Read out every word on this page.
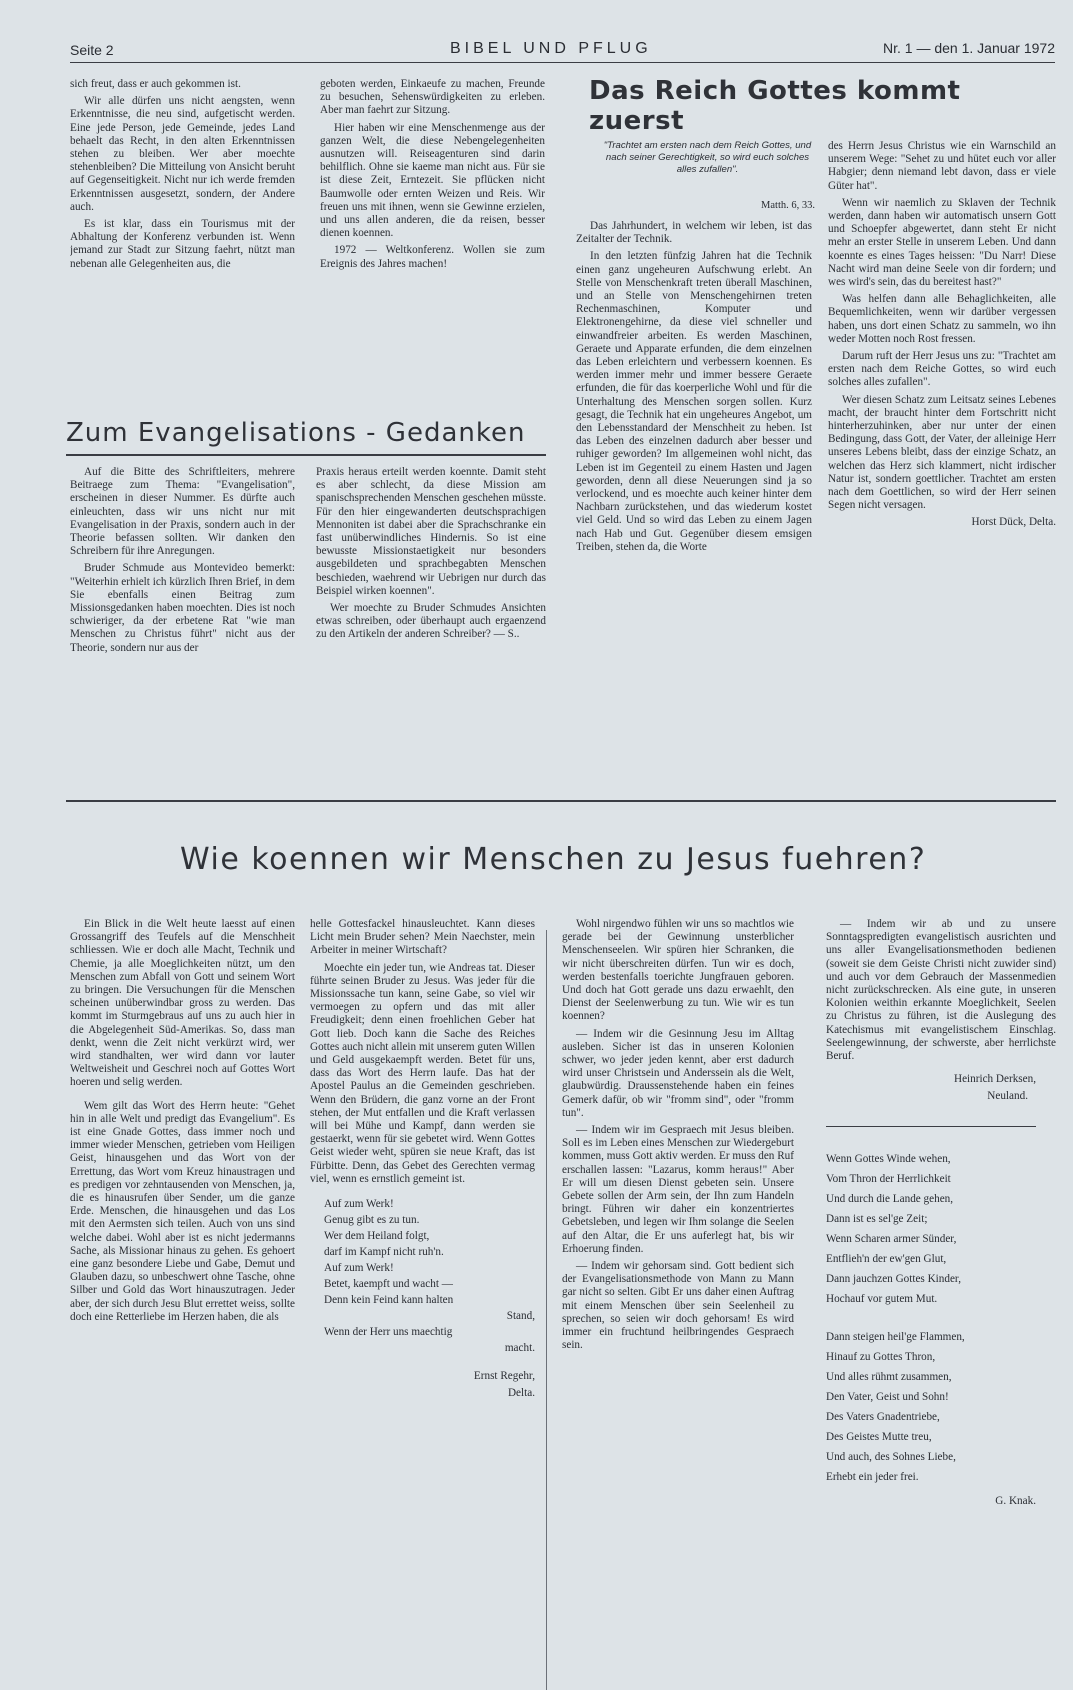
Seite 2	BIBEL UND PFLUG	Nr. 1 — den 1. Januar 1972

sich freut, dass er auch gekommen ist.

Wir alle dürfen uns nicht aengsten, wenn Erkenntnisse, die neu sind, aufgetischt werden. Eine jede Person, jede Gemeinde, jedes Land behaelt das Recht, in den alten Erkenntnissen stehen zu bleiben. Wer aber moechte stehenbleiben? Die Mitteilung von Ansicht beruht auf Gegenseitigkeit. Nicht nur ich werde fremden Erkenntnissen ausgesetzt, sondern, der Andere auch.

Es ist klar, dass ein Tourismus mit der Abhaltung der Konferenz verbunden ist. Wenn jemand zur Stadt zur Sitzung faehrt, nützt man nebenan alle Gelegenheiten aus, die

geboten werden, Einkaeufe zu machen, Freunde zu besuchen, Sehenswürdigkeiten zu erleben. Aber man faehrt zur Sitzung.

Hier haben wir eine Menschenmenge aus der ganzen Welt, die diese Nebengelegenheiten ausnutzen will. Reiseagenturen sind darin behilflich. Ohne sie kaeme man nicht aus. Für sie ist diese Zeit, Erntezeit. Sie pflücken nicht Baumwolle oder ernten Weizen und Reis. Wir freuen uns mit ihnen, wenn sie Gewinne erzielen, und uns allen anderen, die da reisen, besser dienen koennen.

1972 — Weltkonferenz. Wollen sie zum Ereignis des Jahres machen!

Das Reich Gottes kommt zuerst
"Trachtet am ersten nach dem Reich Gottes, und nach seiner Gerechtigkeit, so wird euch solches alles zufallen".
Matth. 6, 33.

Das Jahrhundert, in welchem wir leben, ist das Zeitalter der Technik.

In den letzten fünfzig Jahren hat die Technik einen ganz ungeheuren Aufschwung erlebt. An Stelle von Menschenkraft treten überall Maschinen, und an Stelle von Menschengehirnen treten Rechenmaschinen, Komputer und Elektronengehirne, da diese viel schneller und einwandfreier arbeiten. Es werden Maschinen, Geraete und Apparate erfunden, die dem einzelnen das Leben erleichtern und verbessern koennen. Es werden immer mehr und immer bessere Geraete erfunden, die für das koerperliche Wohl und für die Unterhaltung des Menschen sorgen sollen. Kurz gesagt, die Technik hat ein ungeheures Angebot, um den Lebensstandard der Menschheit zu heben. Ist das Leben des einzelnen dadurch aber besser und ruhiger geworden? Im allgemeinen wohl nicht, das Leben ist im Gegenteil zu einem Hasten und Jagen geworden, denn all diese Neuerungen sind ja so verlockend, und es moechte auch keiner hinter dem Nachbarn zurückstehen, und das wiederum kostet viel Geld. Und so wird das Leben zu einem Jagen nach Hab und Gut. Gegenüber diesem emsigen Treiben, stehen da, die Worte

des Herrn Jesus Christus wie ein Warnschild an unserem Wege: "Sehet zu und hütet euch vor aller Habgier; denn niemand lebt davon, dass er viele Güter hat".

Wenn wir naemlich zu Sklaven der Technik werden, dann haben wir automatisch unsern Gott und Schoepfer abgewertet, dann steht Er nicht mehr an erster Stelle in unserem Leben. Und dann koennte es eines Tages heissen: "Du Narr! Diese Nacht wird man deine Seele von dir fordern; und wes wird's sein, das du bereitest hast?"

Was helfen dann alle Behaglichkeiten, alle Bequemlichkeiten, wenn wir darüber vergessen haben, uns dort einen Schatz zu sammeln, wo ihn weder Motten noch Rost fressen.

Darum ruft der Herr Jesus uns zu: "Trachtet am ersten nach dem Reiche Gottes, so wird euch solches alles zufallen".

Wer diesen Schatz zum Leitsatz seines Lebenes macht, der braucht hinter dem Fortschritt nicht hinterherzuhinken, aber nur unter der einen Bedingung, dass Gott, der Vater, der alleinige Herr unseres Lebens bleibt, dass der einzige Schatz, an welchen das Herz sich klammert, nicht irdischer Natur ist, sondern goettlicher. Trachtet am ersten nach dem Goettlichen, so wird der Herr seinen Segen nicht versagen.

Horst Dück, Delta.

Zum Evangelisations - Gedanken

Auf die Bitte des Schriftleiters, mehrere Beitraege zum Thema: "Evangelisation", erscheinen in dieser Nummer. Es dürfte auch einleuchten, dass wir uns nicht nur mit Evangelisation in der Praxis, sondern auch in der Theorie befassen sollten. Wir danken den Schreibern für ihre Anregungen.

Bruder Schmude aus Montevideo bemerkt: "Weiterhin erhielt ich kürzlich Ihren Brief, in dem Sie ebenfalls einen Beitrag zum Missionsgedanken haben moechten. Dies ist noch schwieriger, da der erbetene Rat "wie man Menschen zu Christus führt" nicht aus der Theorie, sondern nur aus der

Praxis heraus erteilt werden koennte. Damit steht es aber schlecht, da diese Mission am spanischsprechenden Menschen geschehen müsste. Für den hier eingewanderten deutschsprachigen Mennoniten ist dabei aber die Sprachschranke ein fast unüberwindliches Hindernis. So ist eine bewusste Missionstaetigkeit nur besonders ausgebildeten und sprachbegabten Menschen beschieden, waehrend wir Uebrigen nur durch das Beispiel wirken koennen".

Wer moechte zu Bruder Schmudes Ansichten etwas schreiben, oder überhaupt auch ergaenzend zu den Artikeln der anderen Schreiber? — S..

Wie koennen wir Menschen zu Jesus fuehren?

Ein Blick in die Welt heute laesst auf einen Grossangriff des Teufels auf die Menschheit schliessen. Wie er doch alle Macht, Technik und Chemie, ja alle Moeglichkeiten nützt, um den Menschen zum Abfall von Gott und seinem Wort zu bringen. Die Versuchungen für die Menschen scheinen unüberwindbar gross zu werden. Das kommt im Sturmgebraus auf uns zu auch hier in die Abgelegenheit Süd-Amerikas. So, dass man denkt, wenn die Zeit nicht verkürzt wird, wer wird standhalten, wer wird dann vor lauter Weltweisheit und Geschrei noch auf Gottes Wort hoeren und selig werden.

Wem gilt das Wort des Herrn heute: "Gehet hin in alle Welt und predigt das Evangelium". Es ist eine Gnade Gottes, dass immer noch und immer wieder Menschen, getrieben vom Heiligen Geist, hinausgehen und das Wort von der Errettung, das Wort vom Kreuz hinaustragen und es predigen vor zehntausenden von Menschen, ja, die es hinausrufen über Sender, um die ganze Erde. Menschen, die hinausgehen und das Los mit den Aermsten sich teilen. Auch von uns sind welche dabei. Wohl aber ist es nicht jedermanns Sache, als Missionar hinaus zu gehen. Es gehoert eine ganz besondere Liebe und Gabe, Demut und Glauben dazu, so unbeschwert ohne Tasche, ohne Silber und Gold das Wort hinauszutragen. Jeder aber, der sich durch Jesu Blut errettet weiss, sollte doch eine Retterliebe im Herzen haben, die als

helle Gottesfackel hinausleuchtet. Kann dieses Licht mein Bruder sehen? Mein Naechster, mein Arbeiter in meiner Wirtschaft?

Moechte ein jeder tun, wie Andreas tat. Dieser führte seinen Bruder zu Jesus. Was jeder für die Missionssache tun kann, seine Gabe, so viel wir vermoegen zu opfern und das mit aller Freudigkeit; denn einen froehlichen Geber hat Gott lieb. Doch kann die Sache des Reiches Gottes auch nicht allein mit unserem guten Willen und Geld ausgekaempft werden. Betet für uns, dass das Wort des Herrn laufe. Das hat der Apostel Paulus an die Gemeinden geschrieben. Wenn den Brüdern, die ganz vorne an der Front stehen, der Mut entfallen und die Kraft verlassen will bei Mühe und Kampf, dann werden sie gestaerkt, wenn für sie gebetet wird. Wenn Gottes Geist wieder weht, spüren sie neue Kraft, das ist Fürbitte. Denn, das Gebet des Gerechten vermag viel, wenn es ernstlich gemeint ist.

Auf zum Werk!

Genug gibt es zu tun.

Wer dem Heiland folgt,

darf im Kampf nicht ruh'n.

Auf zum Werk!

Betet, kaempft und wacht —

Denn kein Feind kann halten

Stand,

Wenn der Herr uns maechtig

macht.

Ernst Regehr,

Delta.

Wohl nirgendwo fühlen wir uns so machtlos wie gerade bei der Gewinnung unsterblicher Menschenseelen. Wir spüren hier Schranken, die wir nicht überschreiten dürfen. Tun wir es doch, werden bestenfalls toerichte Jungfrauen geboren. Und doch hat Gott gerade uns dazu erwaehlt, den Dienst der Seelenwerbung zu tun. Wie wir es tun koennen?

— Indem wir die Gesinnung Jesu im Alltag ausleben. Sicher ist das in unseren Kolonien schwer, wo jeder jeden kennt, aber erst dadurch wird unser Christsein und Anderssein als die Welt, glaubwürdig. Draussenstehende haben ein feines Gemerk dafür, ob wir "fromm sind", oder "fromm tun".

— Indem wir im Gespraech mit Jesus bleiben. Soll es im Leben eines Menschen zur Wiedergeburt kommen, muss Gott aktiv werden. Er muss den Ruf erschallen lassen: "Lazarus, komm heraus!" Aber Er will um diesen Dienst gebeten sein. Unsere Gebete sollen der Arm sein, der Ihn zum Handeln bringt. Führen wir daher ein konzentriertes Gebetsleben, und legen wir Ihm solange die Seelen auf den Altar, die Er uns auferlegt hat, bis wir Erhoerung finden.

— Indem wir gehorsam sind. Gott bedient sich der Evangelisationsmethode von Mann zu Mann gar nicht so selten. Gibt Er uns daher einen Auftrag mit einem Menschen über sein Seelenheil zu sprechen, so seien wir doch gehorsam! Es wird immer ein fruchtund heilbringendes Gespraech sein.

— Indem wir ab und zu unsere Sonntagspredigten evangelistisch ausrichten und uns aller Evangelisationsmethoden bedienen (soweit sie dem Geiste Christi nicht zuwider sind) und auch vor dem Gebrauch der Massenmedien nicht zurückschrecken. Als eine gute, in unseren Kolonien weithin erkannte Moeglichkeit, Seelen zu Christus zu führen, ist die Auslegung des Katechismus mit evangelistischem Einschlag. Seelengewinnung, der schwerste, aber herrlichste Beruf.

Heinrich Derksen,

Neuland.

Wenn Gottes Winde wehen,

Vom Thron der Herrlichkeit

Und durch die Lande gehen,

Dann ist es sel'ge Zeit;

Wenn Scharen armer Sünder,

Entflieh'n der ew'gen Glut,

Dann jauchzen Gottes Kinder,

Hochauf vor gutem Mut.

Dann steigen heil'ge Flammen,

Hinauf zu Gottes Thron,

Und alles rühmt zusammen,

Den Vater, Geist und Sohn!

Des Vaters Gnadentriebe,

Des Geistes Mutte treu,

Und auch, des Sohnes Liebe,

Erhebt ein jeder frei.

G. Knak.
